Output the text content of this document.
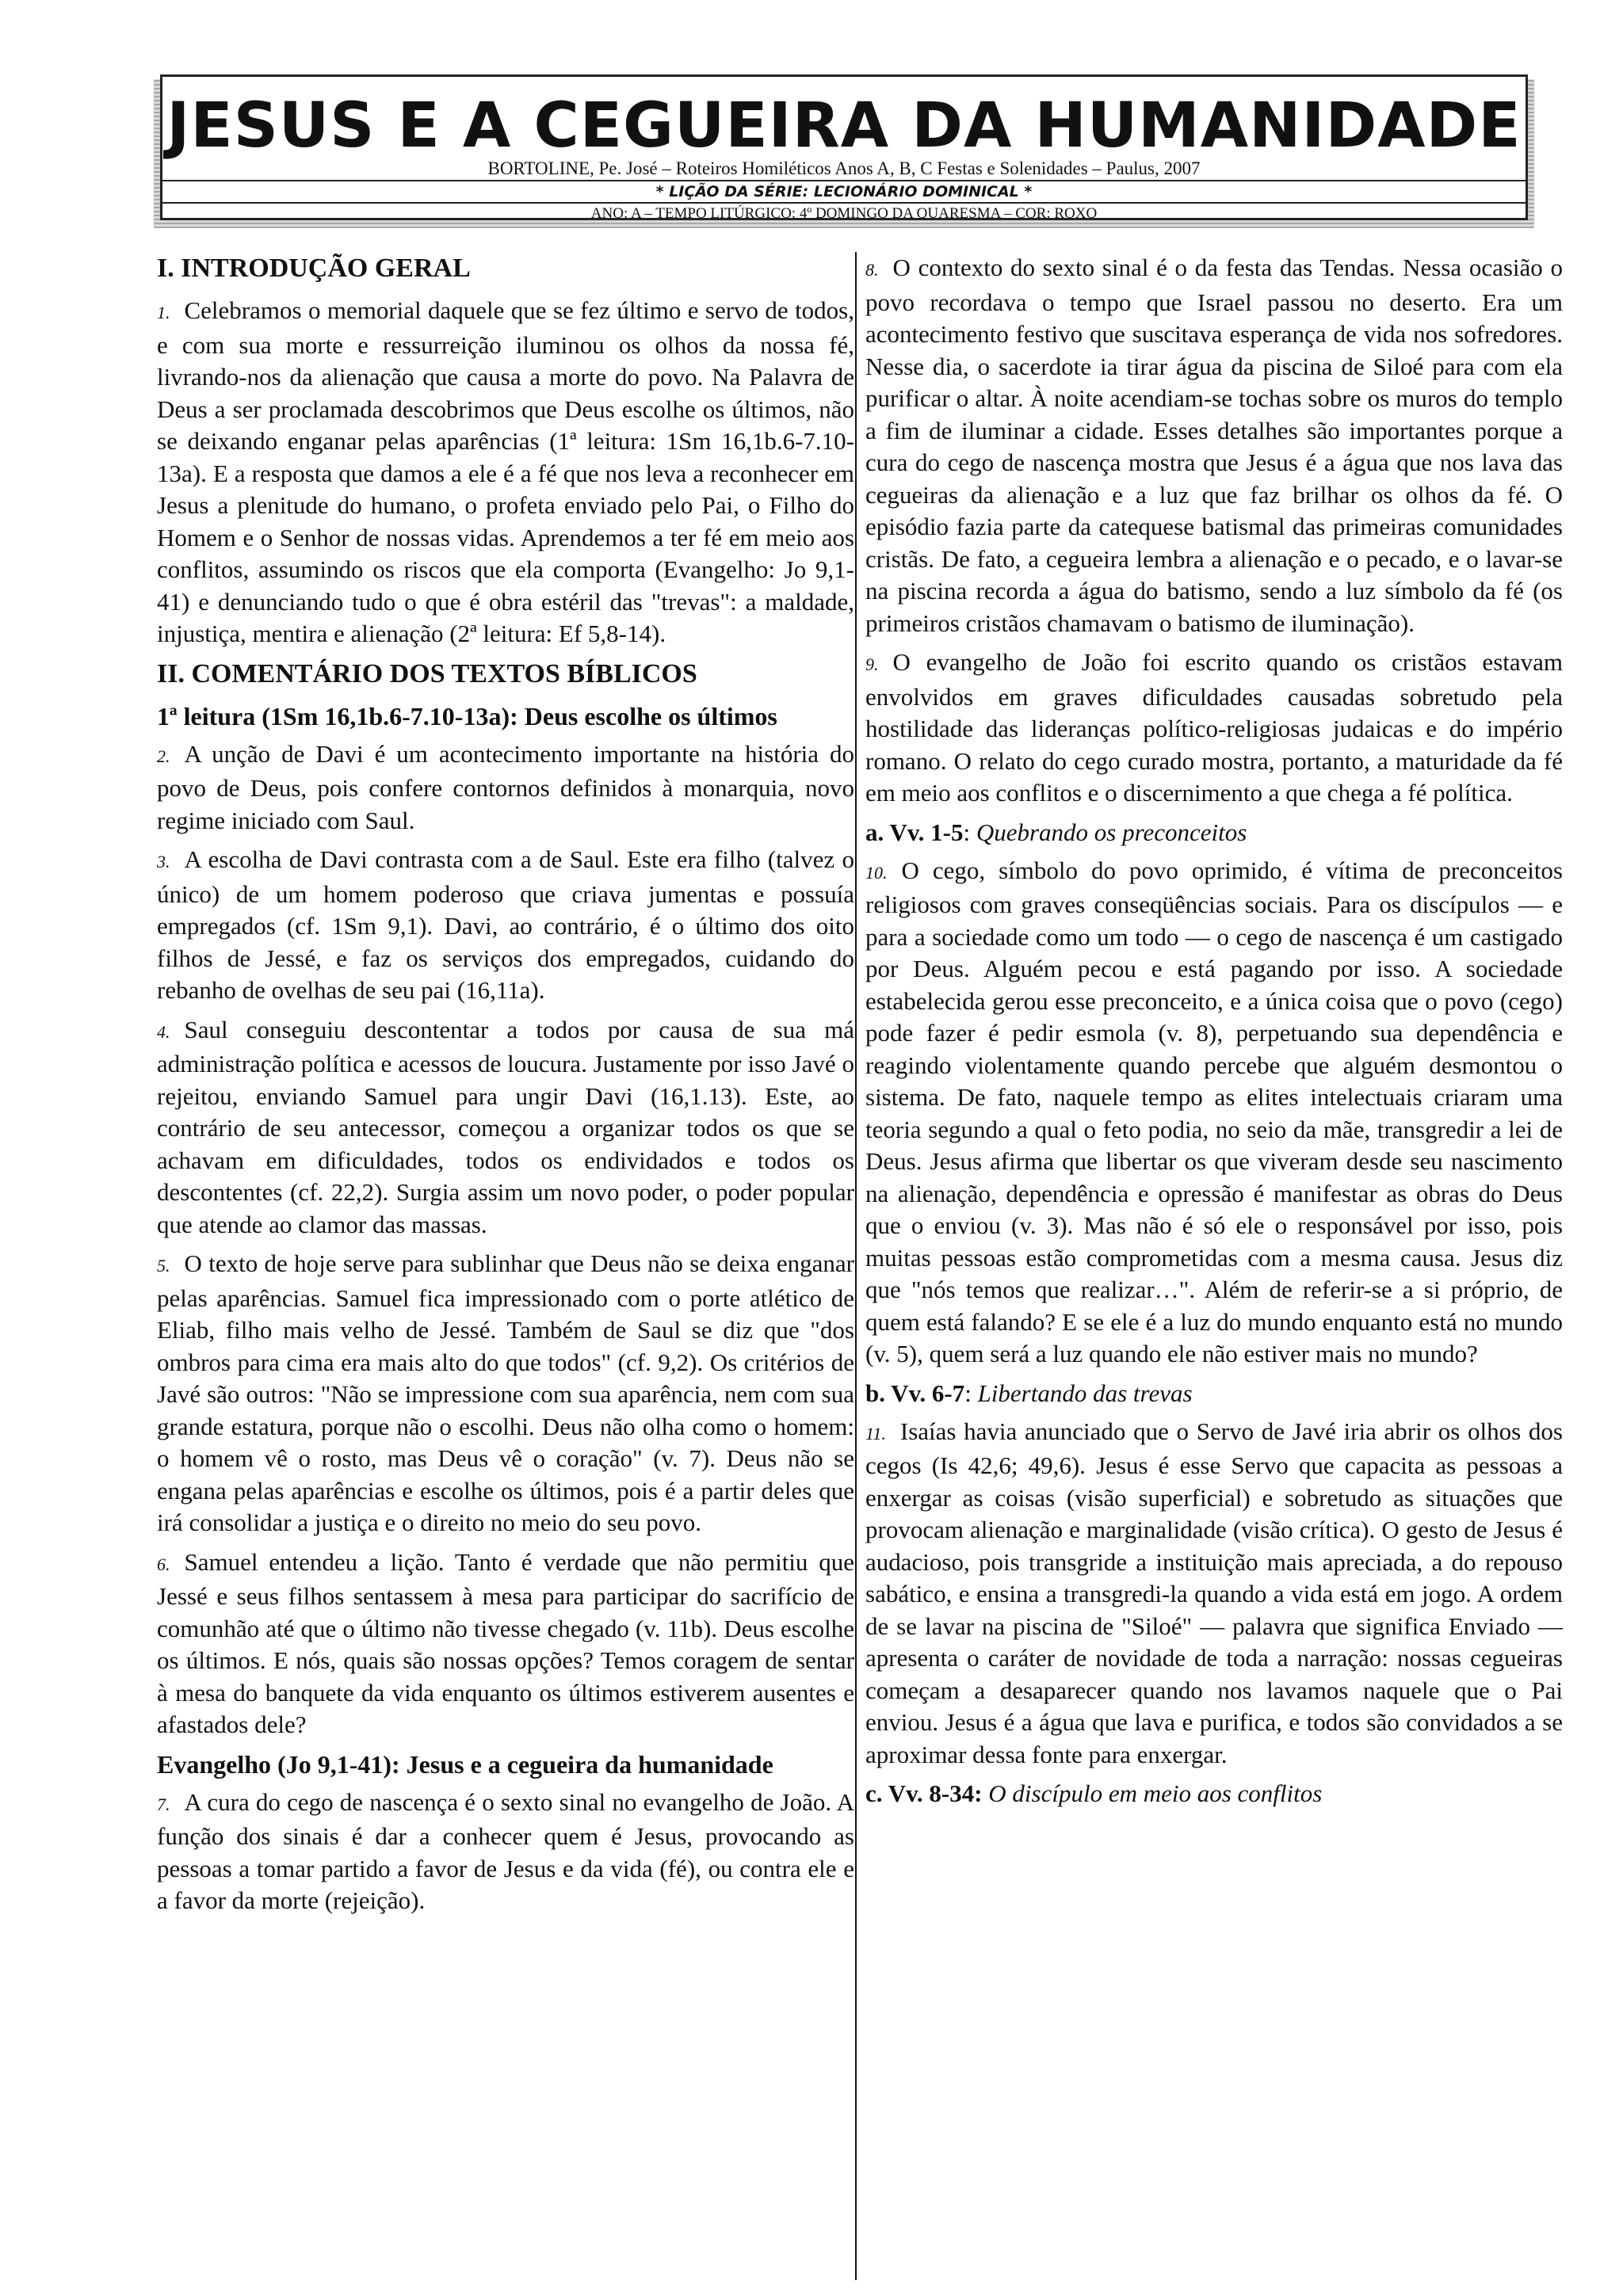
JESUS E A CEGUEIRA DA HUMANIDADE
BORTOLINE, Pe. José – Roteiros Homiléticos Anos A, B, C Festas e Solenidades – Paulus, 2007
* LIÇÃO DA SÉRIE: LECIONÁRIO DOMINICAL *
ANO: A – TEMPO LITÚRGICO: 4º DOMINGO DA QUARESMA – COR: ROXO
I. INTRODUÇÃO GERAL

1. Celebramos o memorial daquele que se fez último e servo de todos, e com sua morte e ressurreição iluminou os olhos da nossa fé, livrando-nos da alienação que causa a morte do povo. Na Palavra de Deus a ser proclamada descobrimos que Deus escolhe os últimos, não se deixando enganar pelas aparências (1ª leitura: 1Sm 16,1b.6-7.10-13a). E a resposta que damos a ele é a fé que nos leva a reconhecer em Jesus a plenitude do humano, o profeta enviado pelo Pai, o Filho do Homem e o Senhor de nossas vidas. Aprendemos a ter fé em meio aos conflitos, assumindo os riscos que ela comporta (Evangelho: Jo 9,1-41) e denunciando tudo o que é obra estéril das "trevas": a maldade, injustiça, mentira e alienação (2ª leitura: Ef 5,8-14).

II. COMENTÁRIO DOS TEXTOS BÍBLICOS
1ª leitura (1Sm 16,1b.6-7.10-13a): Deus escolhe os últimos

2. A unção de Davi é um acontecimento importante na história do povo de Deus, pois confere contornos definidos à monarquia, novo regime iniciado com Saul.

3. A escolha de Davi contrasta com a de Saul. Este era filho (talvez o único) de um homem poderoso que criava jumentas e possuía empregados (cf. 1Sm 9,1). Davi, ao contrário, é o último dos oito filhos de Jessé, e faz os serviços dos empregados, cuidando do rebanho de ovelhas de seu pai (16,11a).

4. Saul conseguiu descontentar a todos por causa de sua má administração política e acessos de loucura. Justamente por isso Javé o rejeitou, enviando Samuel para ungir Davi (16,1.13). Este, ao contrário de seu antecessor, começou a organizar todos os que se achavam em dificuldades, todos os endividados e todos os descontentes (cf. 22,2). Surgia assim um novo poder, o poder popular que atende ao clamor das massas.

5. O texto de hoje serve para sublinhar que Deus não se deixa enganar pelas aparências. Samuel fica impressionado com o porte atlético de Eliab, filho mais velho de Jessé. Também de Saul se diz que "dos ombros para cima era mais alto do que todos" (cf. 9,2). Os critérios de Javé são outros: "Não se impressione com sua aparência, nem com sua grande estatura, porque não o escolhi. Deus não olha como o homem: o homem vê o rosto, mas Deus vê o coração" (v. 7). Deus não se engana pelas aparências e escolhe os últimos, pois é a partir deles que irá consolidar a justiça e o direito no meio do seu povo.

6. Samuel entendeu a lição. Tanto é verdade que não permitiu que Jessé e seus filhos sentassem à mesa para participar do sacrifício de comunhão até que o último não tivesse chegado (v. 11b). Deus escolhe os últimos. E nós, quais são nossas opções? Temos coragem de sentar à mesa do banquete da vida enquanto os últimos estiverem ausentes e afastados dele?

Evangelho (Jo 9,1-41): Jesus e a cegueira da humanidade

7. A cura do cego de nascença é o sexto sinal no evangelho de João. A função dos sinais é dar a conhecer quem é Jesus, provocando as pessoas a tomar partido a favor de Jesus e da vida (fé), ou contra ele e a favor da morte (rejeição).

8. O contexto do sexto sinal é o da festa das Tendas. Nessa ocasião o povo recordava o tempo que Israel passou no deserto. Era um acontecimento festivo que suscitava esperança de vida nos sofredores. Nesse dia, o sacerdote ia tirar água da piscina de Siloé para com ela purificar o altar. À noite acendiam-se tochas sobre os muros do templo a fim de iluminar a cidade. Esses detalhes são importantes porque a cura do cego de nascença mostra que Jesus é a água que nos lava das cegueiras da alienação e a luz que faz brilhar os olhos da fé. O episódio fazia parte da catequese batismal das primeiras comunidades cristãs. De fato, a cegueira lembra a alienação e o pecado, e o lavar-se na piscina recorda a água do batismo, sendo a luz símbolo da fé (os primeiros cristãos chamavam o batismo de iluminação).

9. O evangelho de João foi escrito quando os cristãos estavam envolvidos em graves dificuldades causadas sobretudo pela hostilidade das lideranças político-religiosas judaicas e do império romano. O relato do cego curado mostra, portanto, a maturidade da fé em meio aos conflitos e o discernimento a que chega a fé política.

a. Vv. 1-5: Quebrando os preconceitos

10. O cego, símbolo do povo oprimido, é vítima de preconceitos religiosos com graves conseqüências sociais. Para os discípulos — e para a sociedade como um todo — o cego de nascença é um castigado por Deus. Alguém pecou e está pagando por isso. A sociedade estabelecida gerou esse preconceito, e a única coisa que o povo (cego) pode fazer é pedir esmola (v. 8), perpetuando sua dependência e reagindo violentamente quando percebe que alguém desmontou o sistema. De fato, naquele tempo as elites intelectuais criaram uma teoria segundo a qual o feto podia, no seio da mãe, transgredir a lei de Deus. Jesus afirma que libertar os que viveram desde seu nascimento na alienação, dependência e opressão é manifestar as obras do Deus que o enviou (v. 3). Mas não é só ele o responsável por isso, pois muitas pessoas estão comprometidas com a mesma causa. Jesus diz que "nós temos que realizar…". Além de referir-se a si próprio, de quem está falando? E se ele é a luz do mundo enquanto está no mundo (v. 5), quem será a luz quando ele não estiver mais no mundo?

b. Vv. 6-7: Libertando das trevas

11. Isaías havia anunciado que o Servo de Javé iria abrir os olhos dos cegos (Is 42,6; 49,6). Jesus é esse Servo que capacita as pessoas a enxergar as coisas (visão superficial) e sobretudo as situações que provocam alienação e marginalidade (visão crítica). O gesto de Jesus é audacioso, pois transgride a instituição mais apreciada, a do repouso sabático, e ensina a transgredi-la quando a vida está em jogo. A ordem de se lavar na piscina de "Siloé" — palavra que significa Enviado — apresenta o caráter de novidade de toda a narração: nossas cegueiras começam a desaparecer quando nos lavamos naquele que o Pai enviou. Jesus é a água que lava e purifica, e todos são convidados a se aproximar dessa fonte para enxergar.

c. Vv. 8-34: O discípulo em meio aos conflitos
